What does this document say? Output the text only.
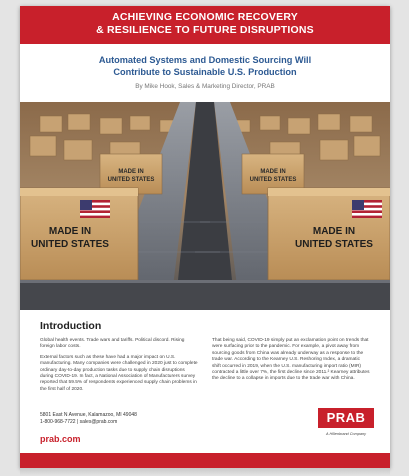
ACHIEVING ECONOMIC RECOVERY
& RESILIENCE TO FUTURE DISRUPTIONS
Automated Systems and Domestic Sourcing Will
Contribute to Sustainable U.S. Production
By Mike Hook, Sales & Marketing Director, PRAB
MADE IN
UNITED STATES
MADE IN
UNITED STATES
MADE IN
UNITED STATES
MADE IN
UNITED STATES
Introduction

Global health events. Trade wars and tariffs. Political discord. Rising foreign labor costs.

External factors such as these have had a major impact on U.S. manufacturing. Many companies were challenged in 2020 just to complete ordinary day-to-day production tasks due to supply chain disruptions during COVID-19. In fact, a National Association of Manufacturers survey reported that 59.5% of respondents experienced supply chain problems in the first half of 2020.

That being said, COVID-19 simply put an exclamation point on trends that were surfacing prior to the pandemic. For example, a pivot away from sourcing goods from China was already underway as a response to the trade war. According to the Kearney U.S. Reshoring Index, a dramatic shift occurred in 2019, when the U.S. manufacturing import ratio (MIR) contracted a little over 7%, the first decline since 2011.² Kearney attributes the decline to a collapse in imports due to the trade war with China.

5801 East N Avenue, Kalamazoo, MI 49048
1-800-968-7722 | sales@prab.com
prab.com
PRAB
A Hillenbrand Company
